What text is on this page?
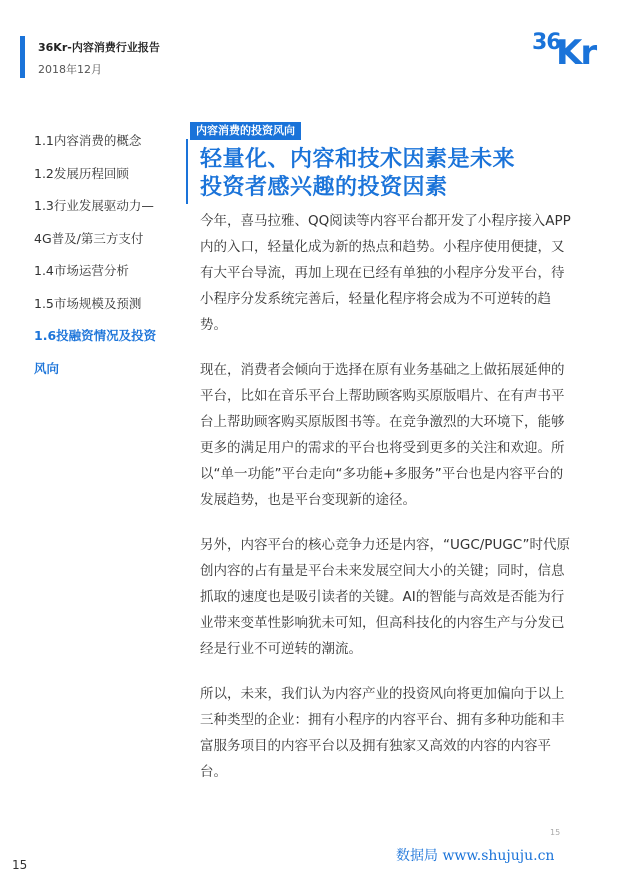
36Kr-内容消费行业报告
2018年12月
36
Kr
1.1内容消费的概念
1.2发展历程回顾
1.3行业发展驱动力—
4G普及/第三方支付
1.4市场运营分析
1.5市场规模及预测
1.6投融资情况及投资
风向
内容消费的投资风向
轻量化、内容和技术因素是未来
投资者感兴趣的投资因素

今年，喜马拉雅、QQ阅读等内容平台都开发了小程序接入APP内的入口，轻量化成为新的热点和趋势。小程序使用便捷，又有大平台导流，再加上现在已经有单独的小程序分发平台，待小程序分发系统完善后，轻量化程序将会成为不可逆转的趋势。

现在，消费者会倾向于选择在原有业务基础之上做拓展延伸的平台，比如在音乐平台上帮助顾客购买原版唱片、在有声书平台上帮助顾客购买原版图书等。在竞争激烈的大环境下，能够更多的满足用户的需求的平台也将受到更多的关注和欢迎。所以“单一功能”平台走向“多功能+多服务”平台也是内容平台的发展趋势，也是平台变现新的途径。

另外，内容平台的核心竞争力还是内容，“UGC/PUGC”时代原创内容的占有量是平台未来发展空间大小的关键；同时，信息抓取的速度也是吸引读者的关键。AI的智能与高效是否能为行业带来变革性影响犹未可知，但高科技化的内容生产与分发已经是行业不可逆转的潮流。

所以，未来，我们认为内容产业的投资风向将更加偏向于以上三种类型的企业：拥有小程序的内容平台、拥有多种功能和丰富服务项目的内容平台以及拥有独家又高效的内容的内容平台。

15
15
数据局 www.shujuju.cn
